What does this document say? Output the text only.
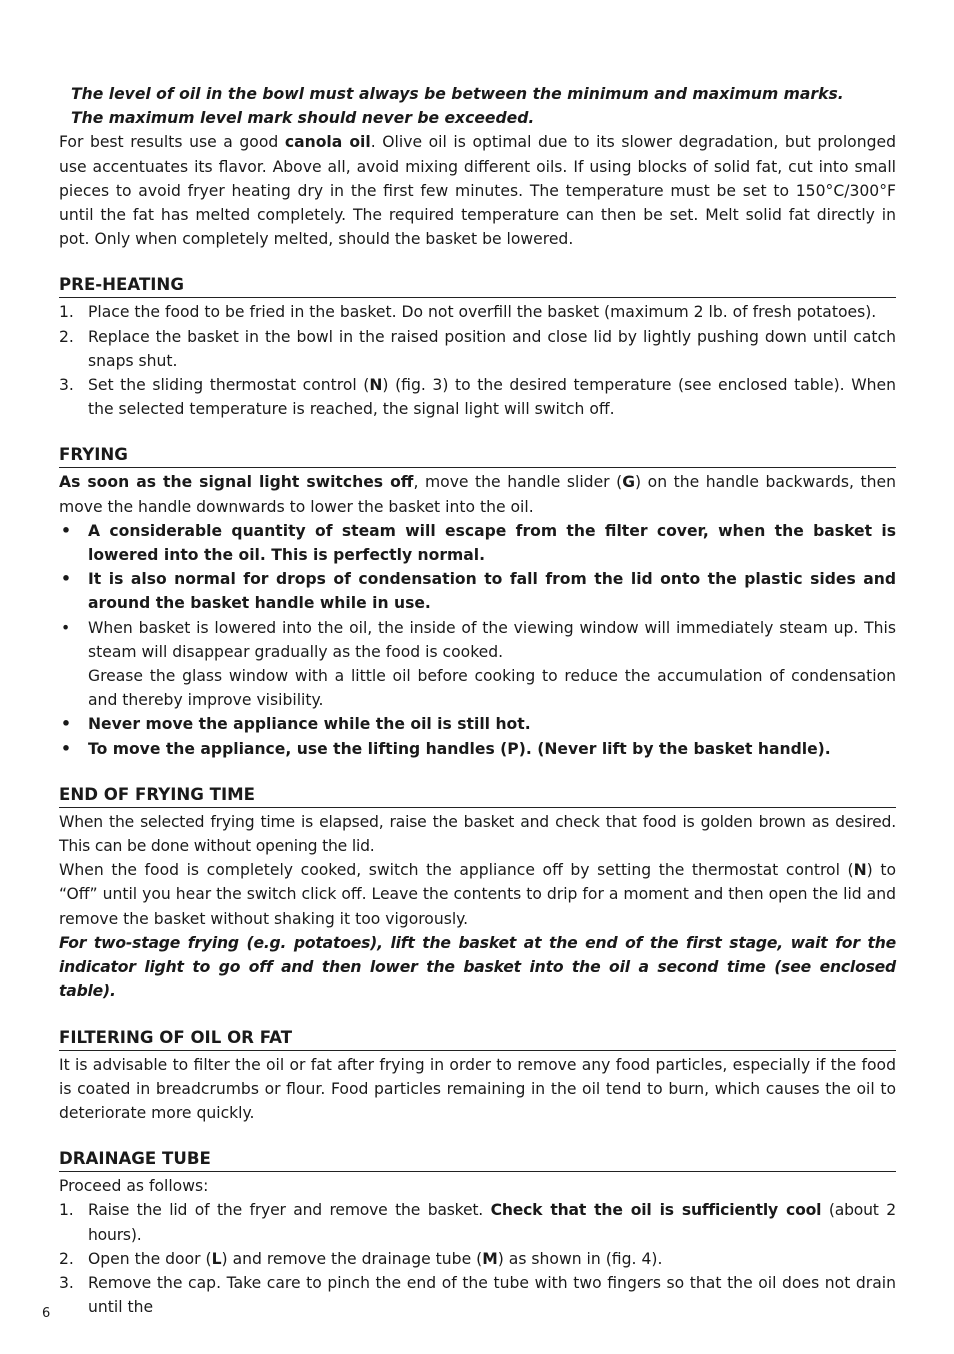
The level of oil in the bowl must always be between the minimum and maximum marks.

The maximum level mark should never be exceeded.

For best results use a good canola oil. Olive oil is optimal due to its slower degradation, but prolonged use accentuates its flavor. Above all, avoid mixing different oils. If using blocks of solid fat, cut into small pieces to avoid fryer heating dry in the first few minutes. The temperature must be set to 150°C/300°F until the fat has melted completely. The required temperature can then be set. Melt solid fat directly in pot. Only when completely melted, should the basket be lowered.

PRE-HEATING
1. Place the food to be fried in the basket. Do not overfill the basket (maximum 2 lb. of fresh potatoes).
2. Replace the basket in the bowl in the raised position and close lid by lightly pushing down until catch snaps shut.
3. Set the sliding thermostat control (N) (fig. 3) to the desired temperature (see enclosed table). When the selected temperature is reached, the signal light will switch off.
FRYING

As soon as the signal light switches off, move the handle slider (G) on the handle backwards, then move the handle downwards to lower the basket into the oil.

• A considerable quantity of steam will escape from the filter cover, when the basket is lowered into the oil. This is perfectly normal.
• It is also normal for drops of condensation to fall from the lid onto the plastic sides and around the basket handle while in use.
• When basket is lowered into the oil, the inside of the viewing window will immediately steam up. This steam will disappear gradually as the food is cooked.
Grease the glass window with a little oil before cooking to reduce the accumulation of condensation and thereby improve visibility.
• Never move the appliance while the oil is still hot.
• To move the appliance, use the lifting handles (P). (Never lift by the basket handle).
END OF FRYING TIME

When the selected frying time is elapsed, raise the basket and check that food is golden brown as desired. This can be done without opening the lid.

When the food is completely cooked, switch the appliance off by setting the thermostat control (N) to “Off” until you hear the switch click off. Leave the contents to drip for a moment and then open the lid and remove the basket without shaking it too vigorously.

For two-stage frying (e.g. potatoes), lift the basket at the end of the first stage, wait for the indicator light to go off and then lower the basket into the oil a second time (see enclosed table).

FILTERING OF OIL OR FAT

It is advisable to filter the oil or fat after frying in order to remove any food particles, especially if the food is coated in breadcrumbs or flour. Food particles remaining in the oil tend to burn, which causes the oil to deteriorate more quickly.

DRAINAGE TUBE

Proceed as follows:

1. Raise the lid of the fryer and remove the basket. Check that the oil is sufficiently cool (about 2 hours).
2. Open the door (L) and remove the drainage tube (M) as shown in (fig. 4).
3. Remove the cap. Take care to pinch the end of the tube with two fingers so that the oil does not drain until the
6
